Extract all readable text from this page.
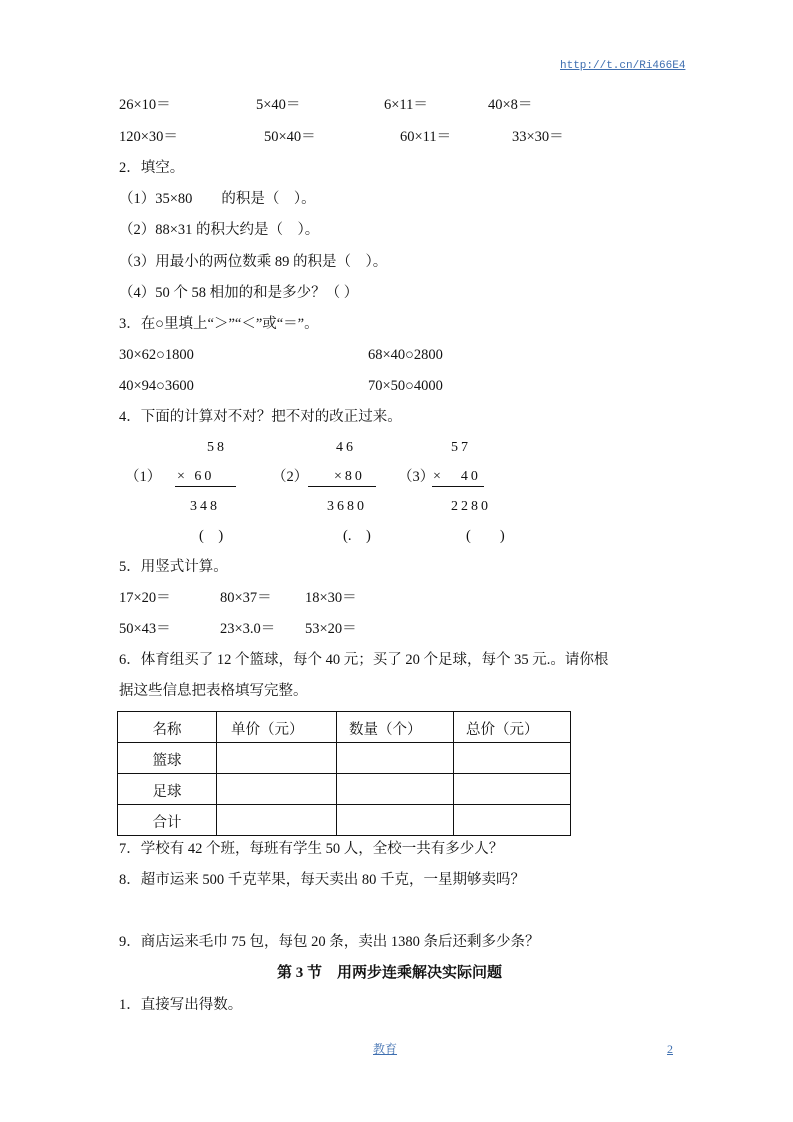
http://t.cn/Ri466E4
26×10＝	5×40＝	6×11＝	40×8＝
120×30＝	50×40＝	60×11＝	33×30＝
2．填空。
（1）35×80　　的积是（　）。
（2）88×31 的积大约是（　）。
（3）用最小的两位数乘 89 的积是（　）。
（4）50 个 58 相加的和是多少？（ ）
3．在○里填上“＞”“＜”或“＝”。
30×62○1800	68×40○2800
40×94○3600	70×50○4000
4．下面的计算对不对？把不对的改正过来。
58
（1） × 60
348
(　)
46
（2） ×80
3680
(.　)
57
（3）
×　40
2280
(　　)
5．用竖式计算。
17×20＝	80×37＝ 18×30＝
50×43＝	23×3.0＝ 53×20＝
6．体育组买了 12 个篮球，每个 40 元；买了 20 个足球，每个 35 元.。请你根
据这些信息把表格填写完整。
名称	单价（元）	数量（个）	总价（元）

篮球			

足球			

合计			

7．学校有 42 个班，每班有学生 50 人，全校一共有多少人？
8．超市运来 500 千克苹果，每天卖出 80 千克，一星期够卖吗？
9．商店运来毛巾 75 包，每包 20 条，卖出 1380 条后还剩多少条？
第 3 节　用两步连乘解决实际问题
1．直接写出得数。
教育	2
